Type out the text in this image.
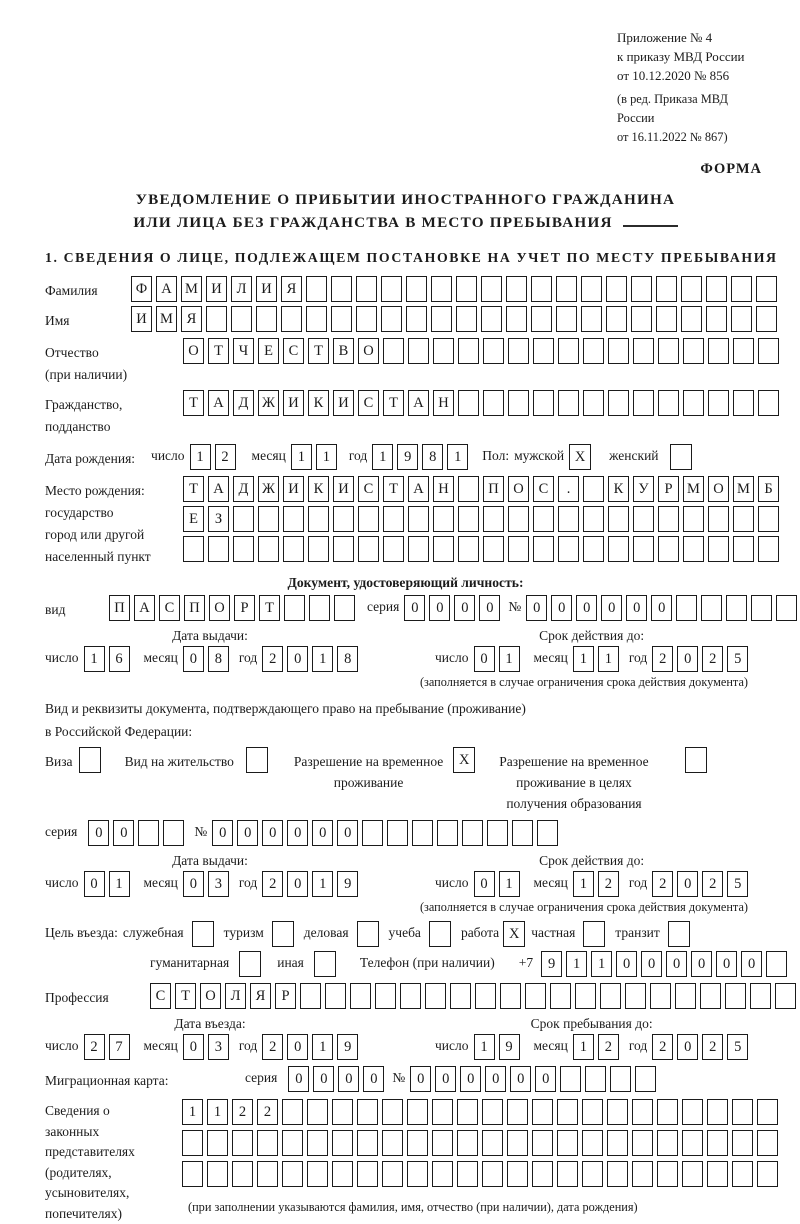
Приложение № 4
к приказу МВД России
от 10.12.2020 № 856
(в ред. Приказа МВД России
от 16.11.2022 № 867)
ФОРМА
УВЕДОМЛЕНИЕ О ПРИБЫТИИ ИНОСТРАННОГО ГРАЖДАНИНА
ИЛИ ЛИЦА БЕЗ ГРАЖДАНСТВА В МЕСТО ПРЕБЫВАНИЯ
1. СВЕДЕНИЯ О ЛИЦЕ, ПОДЛЕЖАЩЕМ ПОСТАНОВКЕ НА УЧЕТ ПО МЕСТУ ПРЕБЫВАНИЯ
Фамилия	Ф А М И	Л	И	Я
Имя	И М Я
Отчество
(при наличии)
О	Т	Ч	Е	С	Т	В	О
Гражданство,
подданство
Т	А	Д Ж И	К	И	С	Т	А	Н
Дата рождения: число 1	2	месяц 1	1	год 1	9	8	1	Пол: мужской X	женский
Место рождения:
государство
город или другой
населенный пункт
Т	А	Д Ж И	К	И	С	Т	А	Н	П	О	С	.	К	У	Р	М О М Б
Е	З
Документ, удостоверяющий личность:
вид	П	А	С	П	О	Р	Т	серия 0	0	0	0	№ 0	0	0	0	0	0
Дата выдачи:
число 1	6	месяц 0	8	год 2	0	1	8
Срок действия до:
число 0	1	месяц 1	1	год 2	0	2	5
(заполняется в случае ограничения срока действия документа)
Вид и реквизиты документа, подтверждающего право на пребывание (проживание)
в Российской Федерации:
Виза	Вид на жительство	Разрешение на временное
проживание
X	Разрешение на временное
проживание в целях
получения образования
серия	0	0	№ 0	0	0	0	0	0
Дата выдачи:
число 0	1	месяц 0	3	год 2	0	1	9
Срок действия до:
число 0	1	месяц 1	2	год 2	0	2	5
(заполняется в случае ограничения срока действия документа)
Цель въезда: служебная	туризм	деловая	учеба	работа X частная	транзит
гуманитарная	иная	Телефон (при наличии) +7	9	1	1	0	0	0	0	0	0
Профессия	С	Т	О	Л	Я	Р
Дата въезда:
число 2	7	месяц 0	3	год 2	0	1	9
Срок пребывания до:
число 1	9	месяц 1	2	год 2	0	2	5
Миграционная карта:	серия	0	0	0	0	№ 0	0	0	0	0	0
Сведения о
законных
представителях
(родителях,
усыновителях,
попечителях)
1	1	2	2
(при заполнении указываются фамилия, имя, отчество (при наличии), дата рождения)
